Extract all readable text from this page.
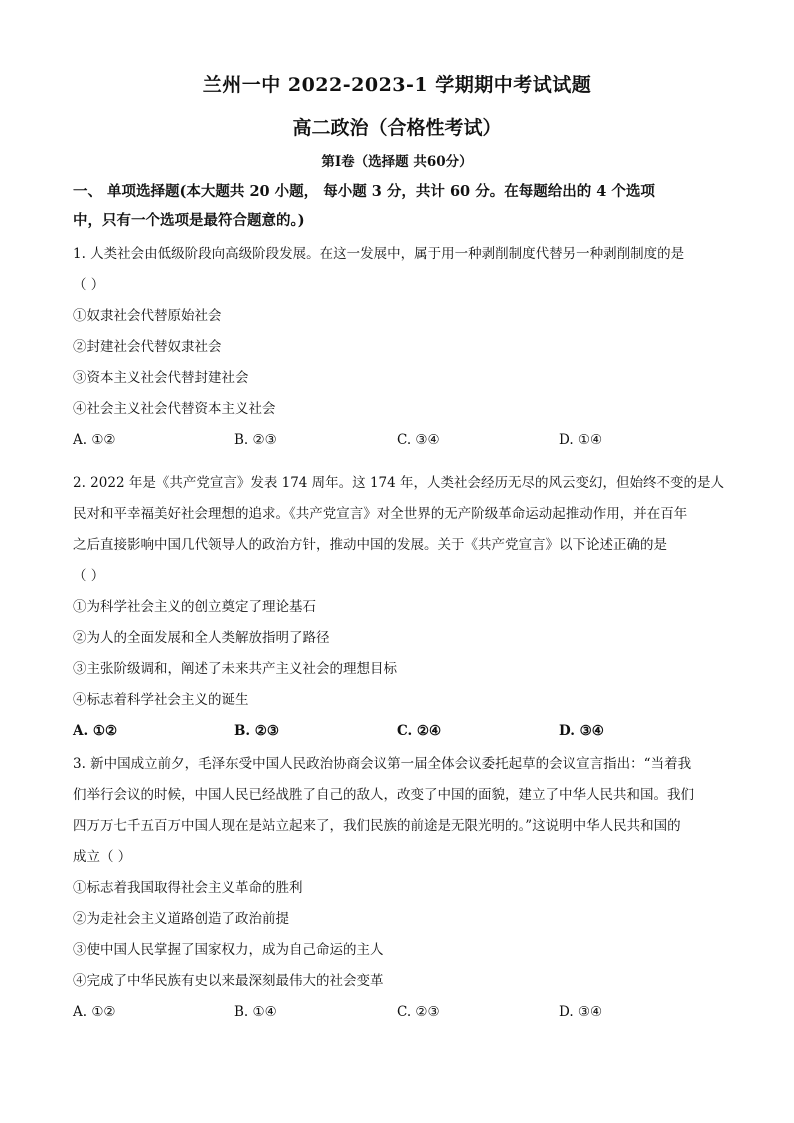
兰州一中 2022-2023-1 学期期中考试试题
高二政治（合格性考试）
第Ⅰ卷（选择题 共60分）
一、 单项选择题(本大题共 20 小题， 每小题 3 分，共计 60 分。在每题给出的 4 个选项
中，只有一个选项是最符合题意的。)
1. 人类社会由低级阶段向高级阶段发展。在这一发展中，属于用一种剥削制度代替另一种剥削制度的是
（ ）
①奴隶社会代替原始社会
②封建社会代替奴隶社会
③资本主义社会代替封建社会
④社会主义社会代替资本主义社会
A. ①②	B. ②③	C. ③④	D. ①④
2. 2022 年是《共产党宣言》发表 174 周年。这 174 年，人类社会经历无尽的风云变幻，但始终不变的是人
民对和平幸福美好社会理想的追求。《共产党宣言》对全世界的无产阶级革命运动起推动作用，并在百年
之后直接影响中国几代领导人的政治方针，推动中国的发展。关于《共产党宣言》以下论述正确的是
（ ）
①为科学社会主义的创立奠定了理论基石
②为人的全面发展和全人类解放指明了路径
③主张阶级调和，阐述了未来共产主义社会的理想目标
④标志着科学社会主义的诞生
A. ①②	B. ②③	C. ②④	D. ③④
3. 新中国成立前夕，毛泽东受中国人民政治协商会议第一届全体会议委托起草的会议宣言指出：“当着我
们举行会议的时候，中国人民已经战胜了自己的敌人，改变了中国的面貌，建立了中华人民共和国。我们
四万万七千五百万中国人现在是站立起来了，我们民族的前途是无限光明的。”这说明中华人民共和国的
成立（ ）
①标志着我国取得社会主义革命的胜利
②为走社会主义道路创造了政治前提
③使中国人民掌握了国家权力，成为自己命运的主人
④完成了中华民族有史以来最深刻最伟大的社会变革
A. ①②	B. ①④	C. ②③	D. ③④
